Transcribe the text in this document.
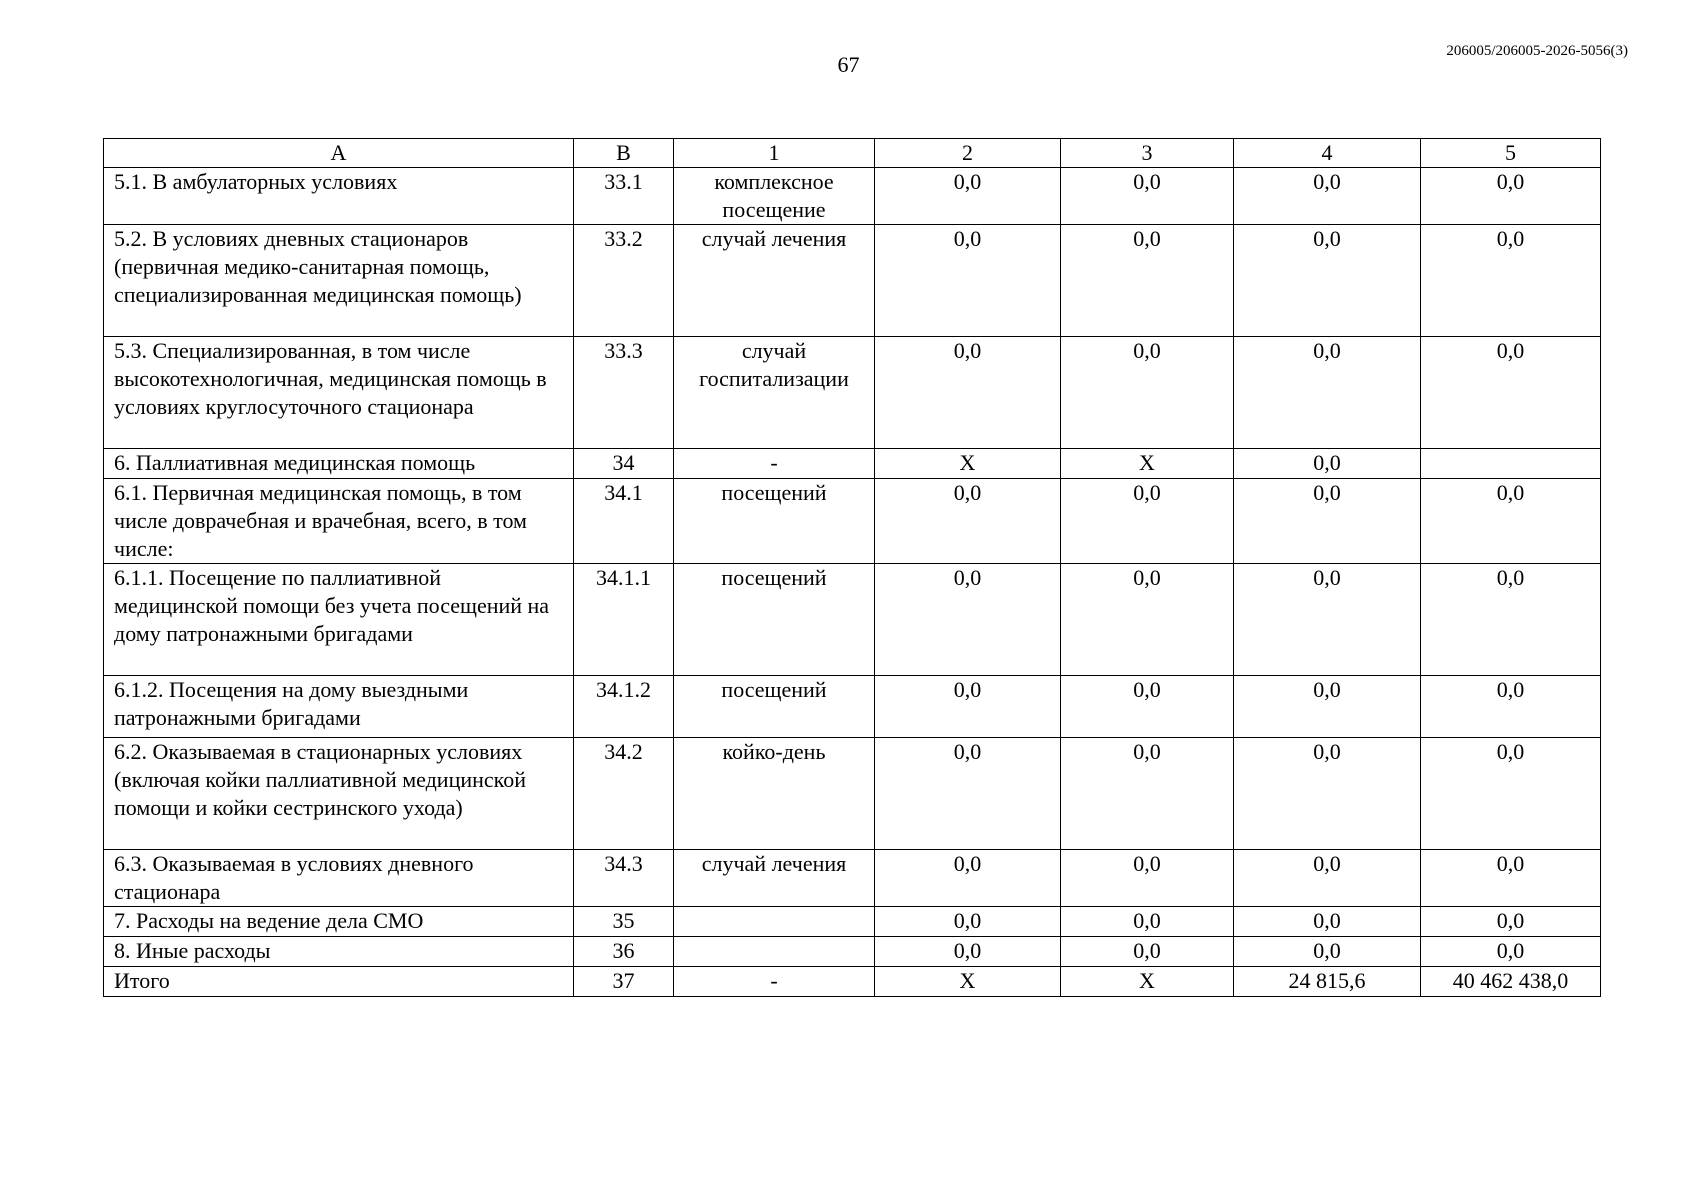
67
206005/206005-2026-5056(3)
A	B	1	2	3	4	5
5.1. В амбулаторных условиях	33.1	комплексное посещение	0,0	0,0	0,0	0,0
5.2. В условиях дневных стационаров (первичная медико-санитарная помощь, специализированная медицинская помощь)	33.2	случай лечения	0,0	0,0	0,0	0,0
5.3. Специализированная, в том числе высокотехнологичная, медицинская помощь в условиях круглосуточного стационара	33.3	случай госпитализации	0,0	0,0	0,0	0,0
6. Паллиативная медицинская помощь	34	-	X	X	0,0	
6.1. Первичная медицинская помощь, в том числе доврачебная и врачебная, всего, в том числе:	34.1	посещений	0,0	0,0	0,0	0,0
6.1.1. Посещение по паллиативной медицинской помощи без учета посещений на дому патронажными бригадами	34.1.1	посещений	0,0	0,0	0,0	0,0
6.1.2. Посещения на дому выездными патронажными бригадами	34.1.2	посещений	0,0	0,0	0,0	0,0
6.2. Оказываемая в стационарных условиях (включая койки паллиативной медицинской помощи и койки сестринского ухода)	34.2	койко-день	0,0	0,0	0,0	0,0
6.3. Оказываемая в условиях дневного стационара	34.3	случай лечения	0,0	0,0	0,0	0,0
7. Расходы на ведение дела СМО	35		0,0	0,0	0,0	0,0
8. Иные расходы	36		0,0	0,0	0,0	0,0
Итого	37	-	X	X	24 815,6	40 462 438,0
